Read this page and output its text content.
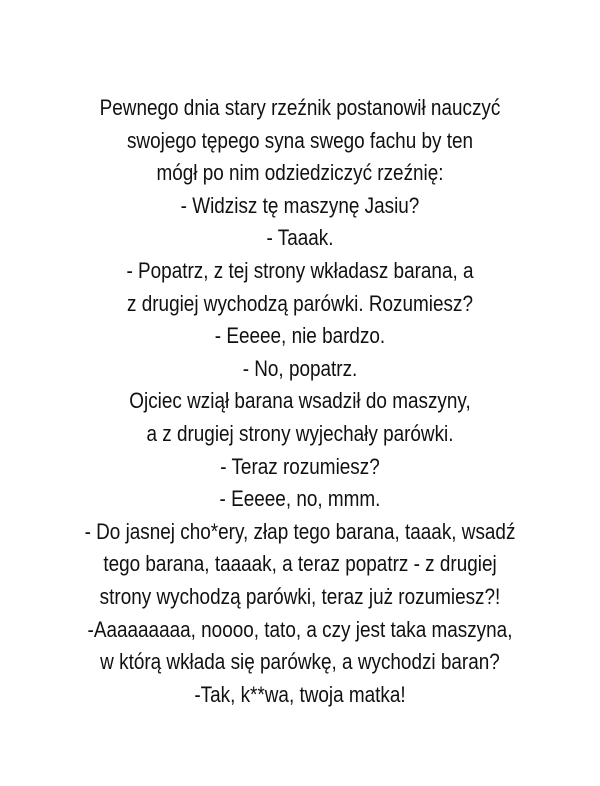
Pewnego dnia stary rzeźnik postanowił nauczyć
swojego tępego syna swego fachu by ten
mógł po nim odziedziczyć rzeźnię:
- Widzisz tę maszynę Jasiu?
- Taaak.
- Popatrz, z tej strony wkładasz barana, a
z drugiej wychodzą parówki. Rozumiesz?
- Eeeee, nie bardzo.
- No, popatrz.
Ojciec wziął barana wsadził do maszyny,
a z drugiej strony wyjechały parówki.
- Teraz rozumiesz?
- Eeeee, no, mmm.
- Do jasnej cho*ery, złap tego barana, taaak, wsadź
tego barana, taaaak, a teraz popatrz - z drugiej
strony wychodzą parówki, teraz już rozumiesz?!
-Aaaaaaaaa, noooo, tato, a czy jest taka maszyna,
w którą wkłada się parówkę, a wychodzi baran?
-Tak, k**wa, twoja matka!
